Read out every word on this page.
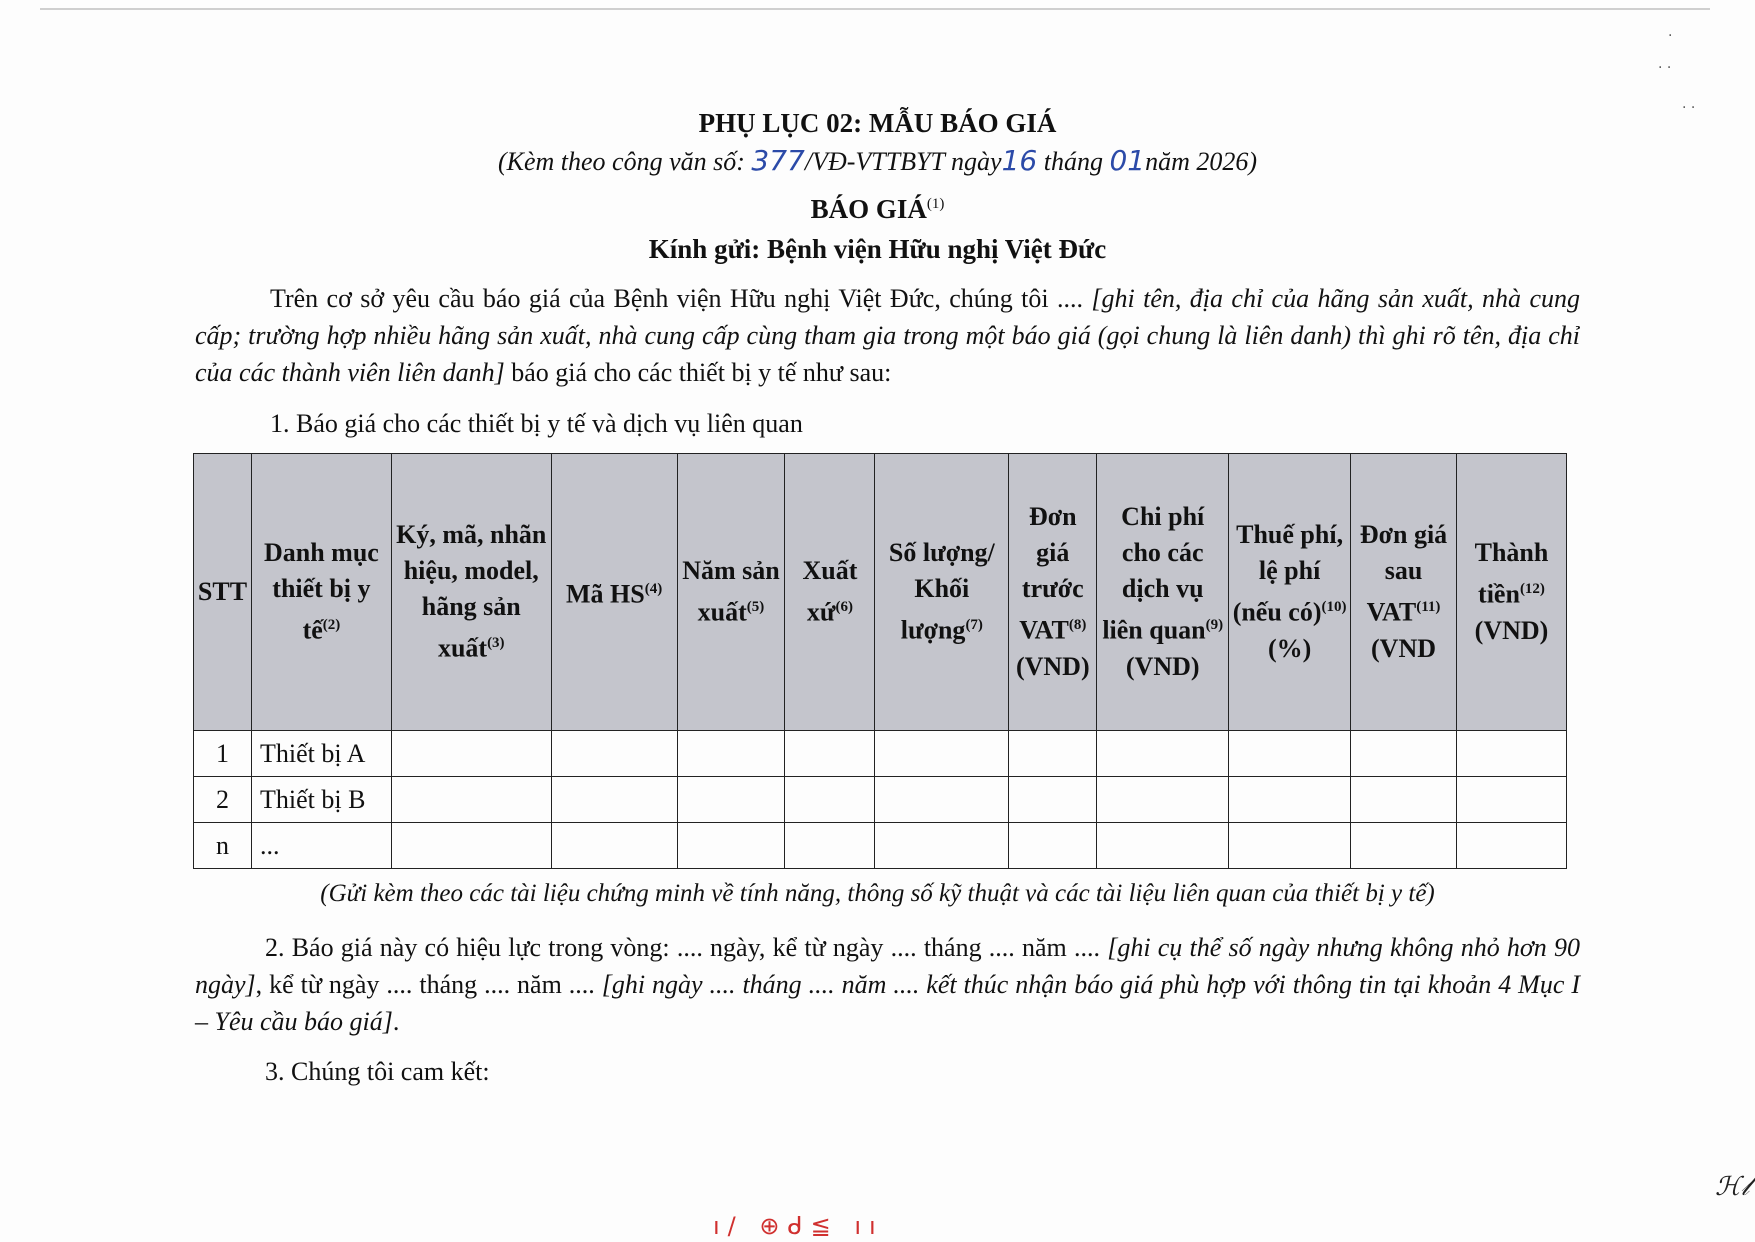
·
· ·
· ·
PHỤ LỤC 02: MẪU BÁO GIÁ
(Kèm theo công văn số: 377/VĐ-VTTBYT ngày16 tháng 01năm 2026)
BÁO GIÁ$^{(1)}$
Kính gửi: Bệnh viện Hữu nghị Việt Đức
Trên cơ sở yêu cầu báo giá của Bệnh viện Hữu nghị Việt Đức, chúng tôi .... [ghi tên, địa chỉ của hãng sản xuất, nhà cung cấp; trường hợp nhiều hãng sản xuất, nhà cung cấp cùng tham gia trong một báo giá (gọi chung là liên danh) thì ghi rõ tên, địa chỉ của các thành viên liên danh] báo giá cho các thiết bị y tế như sau:
1. Báo giá cho các thiết bị y tế và dịch vụ liên quan
STT	Danh mục thiết bị y tế$^{(2)}$	Ký, mã, nhãn hiệu, model, hãng sản xuất$^{(3)}$	Mã HS$^{(4)}$	Năm sản xuất$^{(5)}$	Xuất xứ$^{(6)}$	Số lượng/ Khối lượng$^{(7)}$	Đơn giá trước VAT$^{(8)}$ (VND)	Chi phí cho các dịch vụ liên quan$^{(9)}$ (VND)	Thuế phí, lệ phí (nếu có)$^{(10)}$ (%)	Đơn giá sau VAT$^{(11)}$ (VND	Thành tiền$^{(12)}$ (VND)
1	Thiết bị A										
2	Thiết bị B										
n	...										
(Gửi kèm theo các tài liệu chứng minh về tính năng, thông số kỹ thuật và các tài liệu liên quan của thiết bị y tế)
2. Báo giá này có hiệu lực trong vòng: .... ngày, kể từ ngày .... tháng .... năm .... [ghi cụ thể số ngày nhưng không nhỏ hơn 90 ngày], kể từ ngày .... tháng .... năm .... [ghi ngày .... tháng .... năm .... kết thúc nhận báo giá phù hợp với thông tin tại khoản 4 Mục I – Yêu cầu báo giá].
3. Chúng tôi cam kết:
ℋ𝓁
ı/ ⊕ᑯ≦ ıı
